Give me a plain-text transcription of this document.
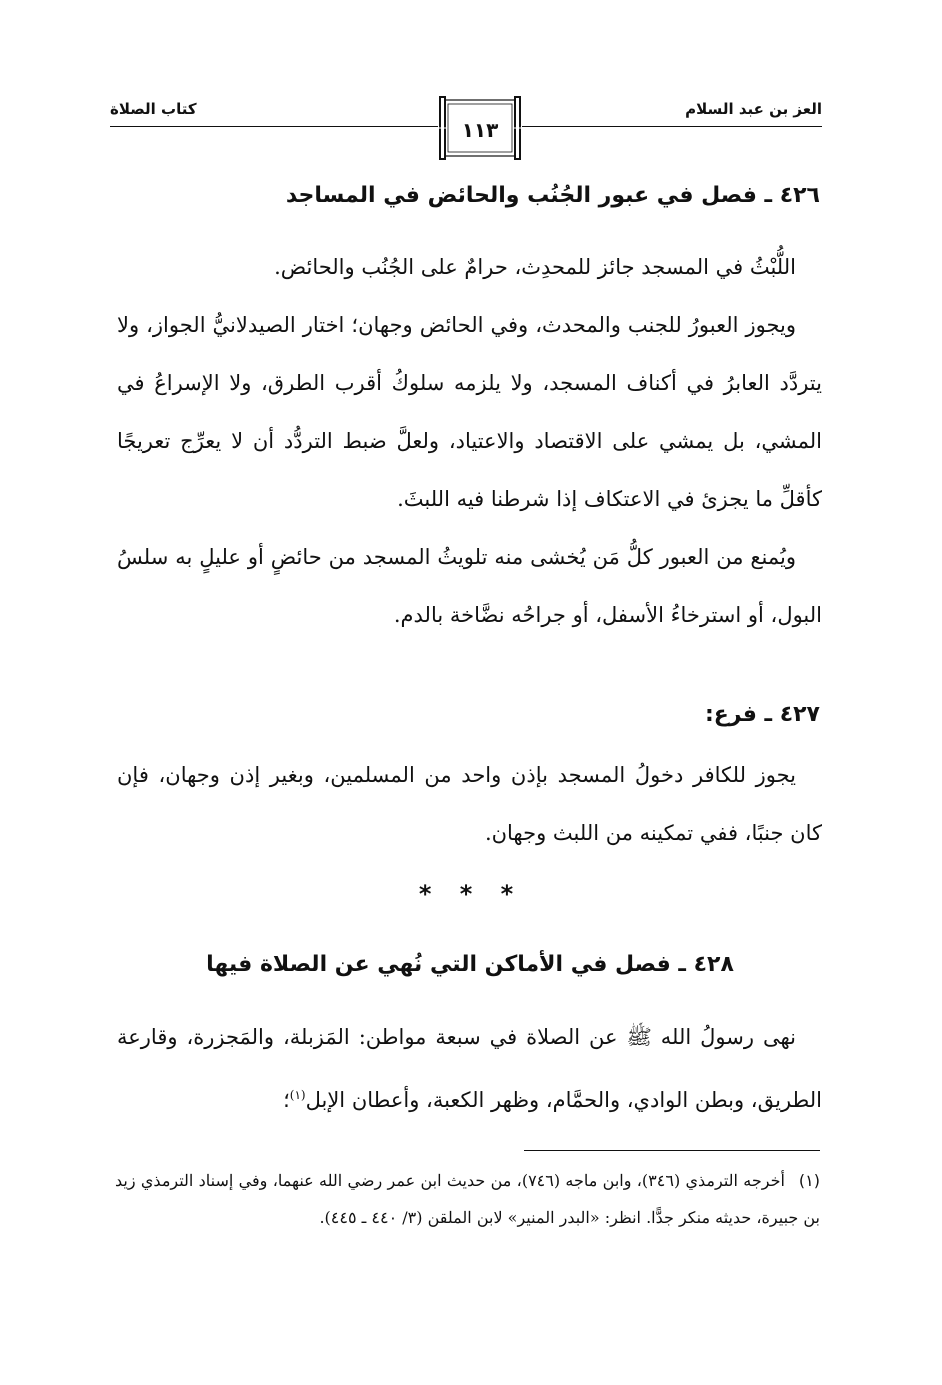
العز بن عبد السلام
كتاب الصلاة
١١٣
٤٢٦ ـ فصل في عبور الجُنُب والحائض في المساجد

اللُّبْثُ في المسجد جائز للمحدِث، حرامٌ على الجُنُب والحائض.

ويجوز العبورُ للجنب والمحدث، وفي الحائض وجهان؛ اختار الصيدلانيُّ الجواز، ولا يتردَّد العابرُ في أكناف المسجد، ولا يلزمه سلوكُ أقرب الطرق، ولا الإسراعُ في المشي، بل يمشي على الاقتصاد والاعتياد، ولعلَّ ضبط التردُّد أن لا يعرِّج تعريجًا كأقلِّ ما يجزئ في الاعتكاف إذا شرطنا فيه اللبثَ.

ويُمنع من العبور كلُّ مَن يُخشى منه تلويثُ المسجد من حائضٍ أو عليلٍ به سلسُ البول، أو استرخاءُ الأسفل، أو جراحُه نضَّاخة بالدم.

٤٢٧ ـ فرع:

يجوز للكافر دخولُ المسجد بإذن واحد من المسلمين، وبغير إذن وجهان، فإن كان جنبًا، ففي تمكينه من اللبث وجهان.

* * *
٤٢٨ ـ فصل في الأماكن التي نُهي عن الصلاة فيها

نهى رسولُ الله ﷺ عن الصلاة في سبعة مواطن: المَزبلة، والمَجزرة، وقارعة الطريق، وبطن الوادي، والحمَّام، وظهر الكعبة، وأعطان الإبل$^{(١)}$؛

(١)أخرجه الترمذي (٣٤٦)، وابن ماجه (٧٤٦)، من حديث ابن عمر رضي الله عنهما، وفي إسناد الترمذي زيد بن جبيرة، حديثه منكر جدًّا. انظر: «البدر المنير» لابن الملقن (٣/ ٤٤٠ ـ ٤٤٥).
